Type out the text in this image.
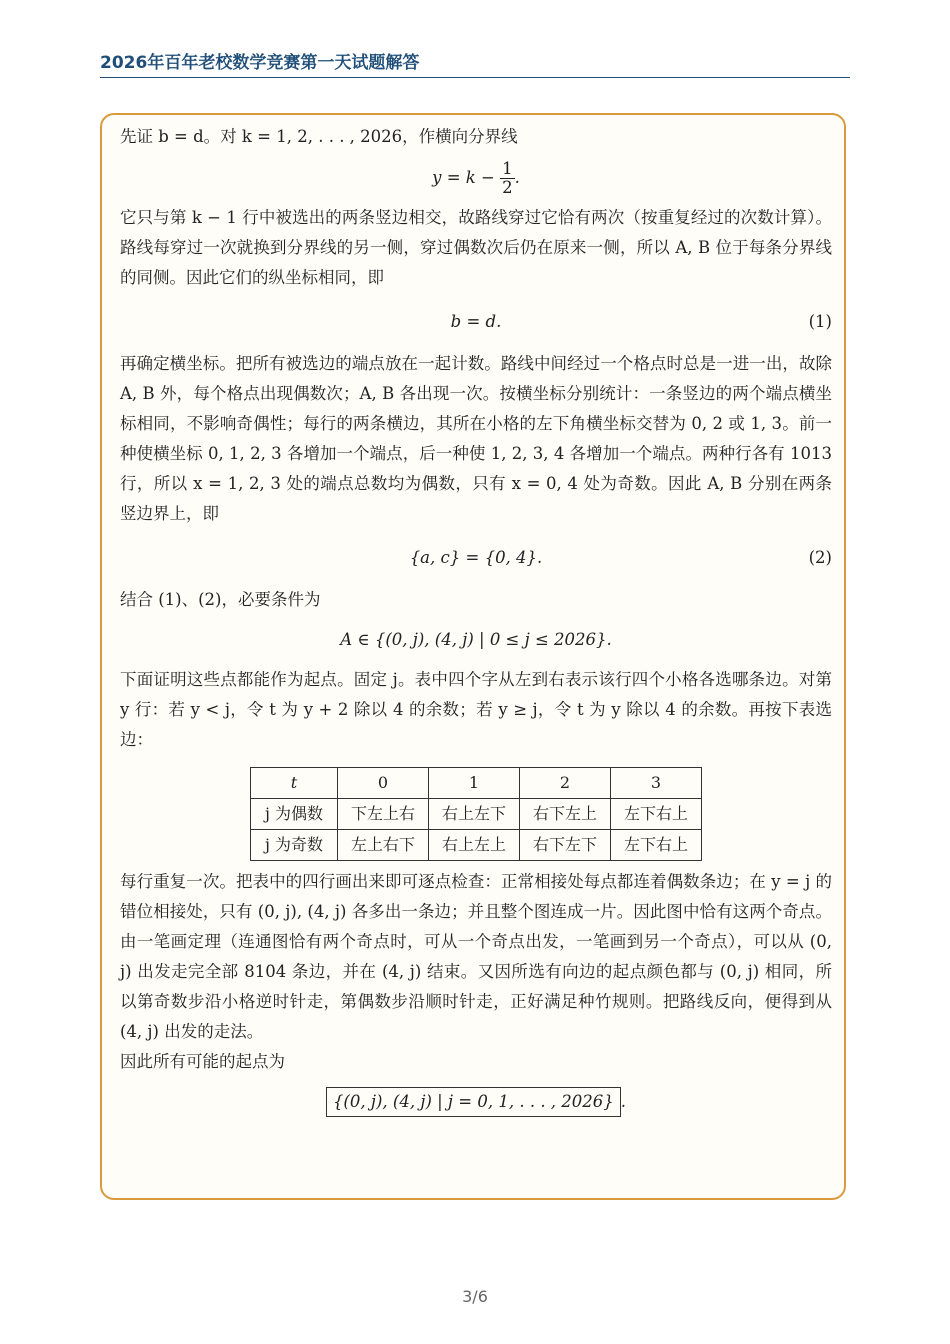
2026年百年老校数学竞赛第一天试题解答

先证 b = d。对 k = 1, 2, . . . , 2026，作横向分界线

$y = k - \frac{1}{2}$ .

它只与第 k − 1 行中被选出的两条竖边相交，故路线穿过它恰有两次（按重复经过的次数计算）。路线每穿过一次就换到分界线的另一侧，穿过偶数次后仍在原来一侧，所以 A, B 位于每条分界线的同侧。因此它们的纵坐标相同，即

b = d.	(1)

再确定横坐标。把所有被选边的端点放在一起计数。路线中间经过一个格点时总是一进一出，故除 A, B 外，每个格点出现偶数次；A, B 各出现一次。按横坐标分别统计：一条竖边的两个端点横坐标相同，不影响奇偶性；每行的两条横边，其所在小格的左下角横坐标交替为 0, 2 或 1, 3。前一种使横坐标 0, 1, 2, 3 各增加一个端点，后一种使 1, 2, 3, 4 各增加一个端点。两种行各有 1013 行，所以 x = 1, 2, 3 处的端点总数均为偶数，只有 x = 0, 4 处为奇数。因此 A, B 分别在两条竖边界上，即

{a, c} = {0, 4}.	(2)

结合 (1)、(2)，必要条件为

A ∈ {(0, j), (4, j) | 0 ≤ j ≤ 2026}.

下面证明这些点都能作为起点。固定 j。表中四个字从左到右表示该行四个小格各选哪条边。对第 y 行：若 y < j，令 t 为 y + 2 除以 4 的余数；若 y ≥ j，令 t 为 y 除以 4 的余数。再按下表选边：

t	0	1	2	3
j 为偶数	下左上右	右上左下	右下左上	左下右上
j 为奇数	左上右下	右上左上	右下左下	左下右上

每行重复一次。把表中的四行画出来即可逐点检查：正常相接处每点都连着偶数条边；在 y = j 的错位相接处，只有 (0, j), (4, j) 各多出一条边；并且整个图连成一片。因此图中恰有这两个奇点。由一笔画定理（连通图恰有两个奇点时，可从一个奇点出发，一笔画到另一个奇点），可以从 (0, j) 出发走完全部 8104 条边，并在 (4, j) 结束。又因所选有向边的起点颜色都与 (0, j) 相同，所以第奇数步沿小格逆时针走，第偶数步沿顺时针走，正好满足种竹规则。把路线反向，便得到从 (4, j) 出发的走法。

因此所有可能的起点为

{(0, j), (4, j) | j = 0, 1, . . . , 2026} .
3/6
